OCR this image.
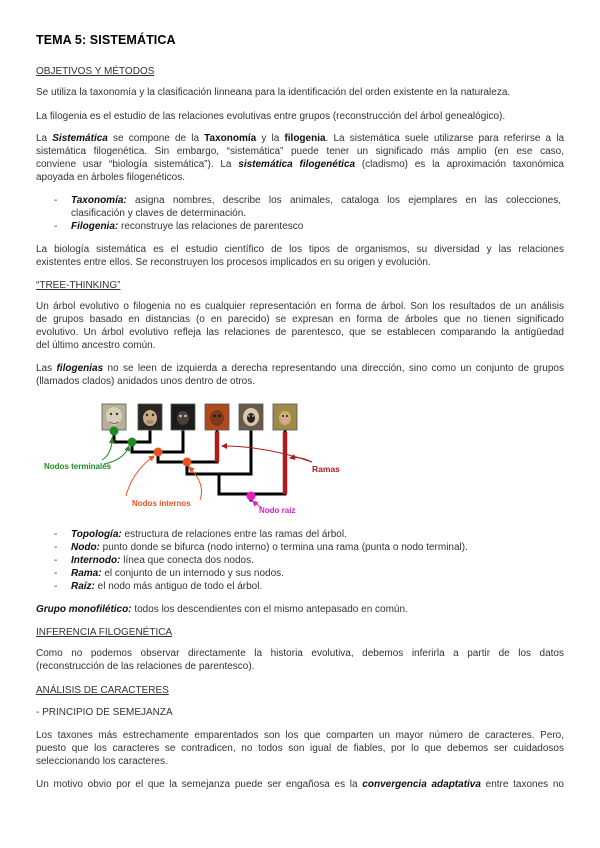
TEMA 5: SISTEMÁTICA
OBJETIVOS Y MÉTODOS
Se utiliza la taxonomía y la clasificación linneana para la identificación del orden existente en la naturaleza.
La filogenia es el estudio de las relaciones evolutivas entre grupos (reconstrucción del árbol genealógico).
La Sistemática se compone de la Taxonomía y la filogenia. La sistemática suele utilizarse para referirse a la
sistemática filogenética. Sin embargo, “sistemática” puede tener un significado más amplio (en ese caso,
conviene usar “biología sistemática”). La sistemática filogenética (cladismo) es la aproximación taxonómica
apoyada en árboles filogenéticos.
- Taxonomía: asigna nombres, describe los animales, cataloga los ejemplares en las colecciones,
clasificación y claves de determinación.
- Filogenia: reconstruye las relaciones de parentesco
La biología sistemática es el estudio científico de los tipos de organismos, su diversidad y las relaciones
existentes entre ellos. Se reconstruyen los procesos implicados en su origen y evolución.
“TREE-THINKING”
Un árbol evolutivo o filogenia no es cualquier representación en forma de árbol. Son los resultados de un análisis
de grupos basado en distancias (o en parecido) se expresan en forma de árboles que no tienen significado
evolutivo. Un árbol evolutivo refleja las relaciones de parentesco, que se establecen comparando la antigüedad
del último ancestro común.
Las filogenias no se leen de izquierda a derecha representando una dirección, sino como un conjunto de grupos
(llamados clados) anidados unos dentro de otros.
Nodos terminales
Nodos internos
Nodo raíz
Ramas
- Topología: estructura de relaciones entre las ramas del árbol.
- Nodo: punto donde se bifurca (nodo interno) o termina una rama (punta o nodo terminal).
- Internodo: línea que conecta dos nodos.
- Rama: el conjunto de un internodo y sus nodos.
- Raíz: el nodo más antiguo de todo el árbol.
Grupo monofilético: todos los descendientes con el mismo antepasado en común.
INFERENCIA FILOGENÉTICA
Como no podemos observar directamente la historia evolutiva, debemos inferirla a partir de los datos
(reconstrucción de las relaciones de parentesco).
ANÁLISIS DE CARACTERES
- PRINCIPIO DE SEMEJANZA
Los taxones más estrechamente emparentados son los que comparten un mayor número de caracteres. Pero,
puesto que los caracteres se contradicen, no todos son igual de fiables, por lo que debemos ser cuidadosos
seleccionando los caracteres.
Un motivo obvio por el que la semejanza puede ser engañosa es la convergencia adaptativa entre taxones no
